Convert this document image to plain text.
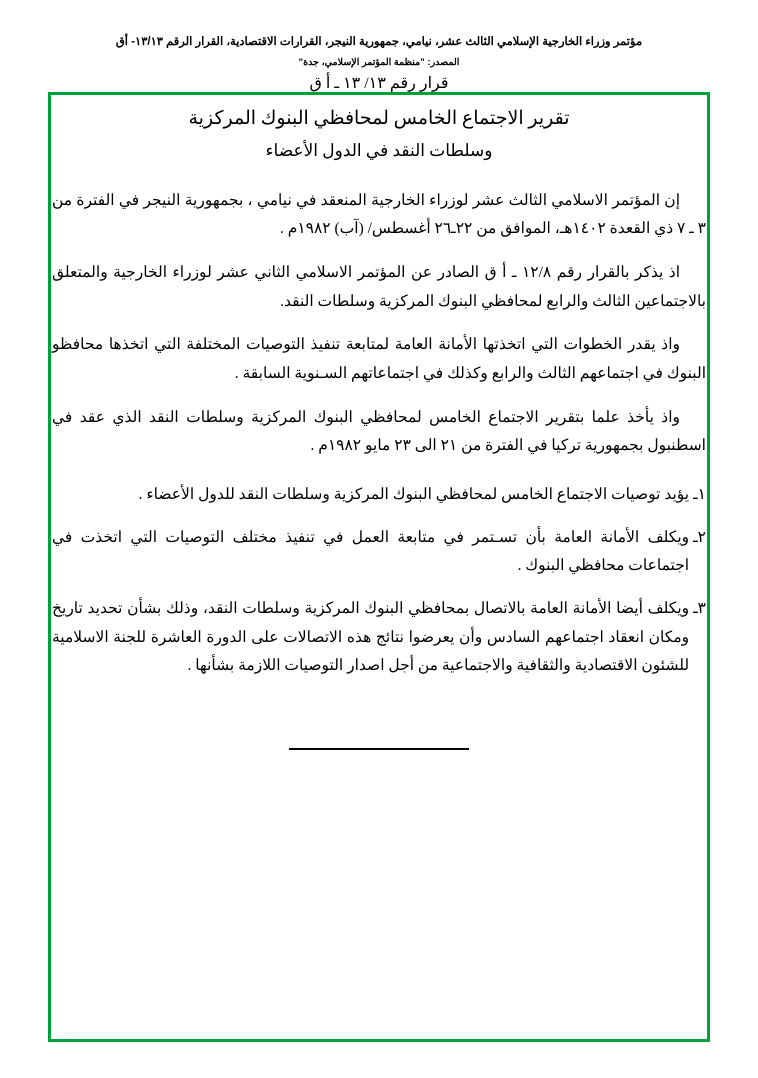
مؤتمر وزراء الخارجية الإسلامي الثالث عشر، نيامي، جمهورية النيجر، القرارات الاقتصادية، القرار الرقم ١٣/١٣- أق
المصدر: "منظمة المؤتمر الإسلامي، جدة"
قرار رقم ١٣/ ١٣ ـ أ ق
تقرير الاجتماع الخامس لمحافظي البنوك المركزية
وسلطات النقد في الدول الأعضاء

إن المؤتمر الاسلامي الثالث عشر لوزراء الخارجية المنعقد في نيامي ، بجمهورية النيجر في الفترة من ٣ ـ ٧ ذي القعدة ١٤٠٢هـ، الموافق من ٢٢ـ٢٦ أغسطس/ (آب) ١٩٨٢م .

اذ يذكر بالقرار رقم ١٢/٨ ـ أ ق الصادر عن المؤتمر الاسلامي الثاني عشر لوزراء الخارجية والمتعلق بالاجتماعين الثالث والرابع لمحافظي البنوك المركزية وسلطات النقد.

واذ يقدر الخطوات التي اتخذتها الأمانة العامة لمتابعة تنفيذ التوصيات المختلفة التي اتخذها محافظو البنوك في اجتماعهم الثالث والرابع وكذلك في اجتماعاتهم السـنوية السابقة .

واذ يأخذ علما بتقرير الاجتماع الخامس لمحافظي البنوك المركزية وسلطات النقد الذي عقد في اسطنبول بجمهورية تركيا في الفترة من ٢١ الى ٢٣ مايو ١٩٨٢م .

١ـ
يؤيد توصيات الاجتماع الخامس لمحافظي البنوك المركزية وسلطات النقد للدول الأعضاء .
٢ـ
ويكلف الأمانة العامة بأن تسـتمر في متابعة العمل في تنفيذ مختلف التوصيات التي اتخذت في اجتماعات محافظي البنوك .
٣ـ
ويكلف أيضا الأمانة العامة بالاتصال بمحافظي البنوك المركزية وسلطات النقد، وذلك بشأن تحديد تاريخ ومكان انعقاد اجتماعهم السادس وأن يعرضوا نتائج هذه الاتصالات على الدورة العاشرة للجنة الاسلامية للشئون الاقتصادية والثقافية والاجتماعية من أجل اصدار التوصيات اللازمة بشأنها .
